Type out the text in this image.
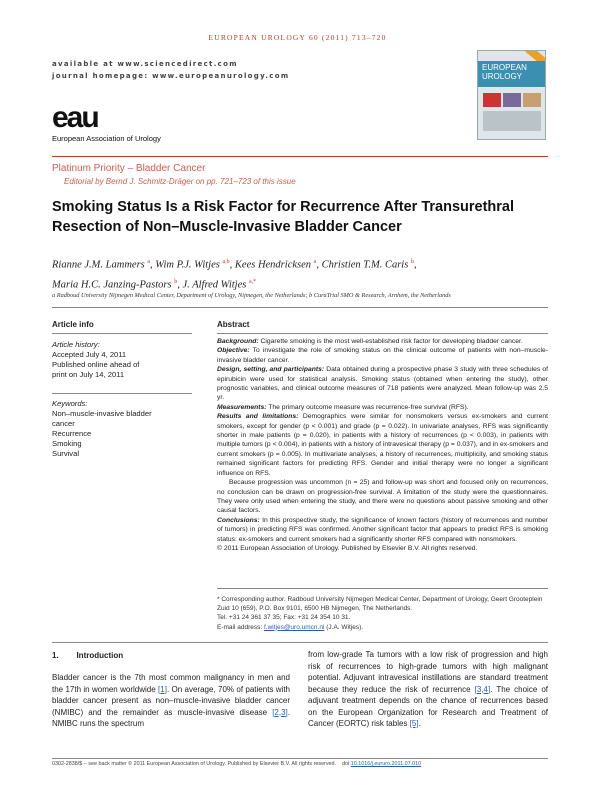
EUROPEAN UROLOGY 60 (2011) 713–720
available at www.sciencedirect.com
journal homepage: www.europeanurology.com
EUROPEAN
UROLOGY
eau
European Association of Urology
Platinum Priority – Bladder Cancer
Editorial by Bernd J. Schmitz-Dräger on pp. 721–723 of this issue
Smoking Status Is a Risk Factor for Recurrence After Transurethral Resection of Non–Muscle-Invasive Bladder Cancer
Rianne J.M. Lammers $^a$, Wim P.J. Witjes $^{a,b}$, Kees Hendricksen $^a$, Christien T.M. Caris $^b$,
Maria H.C. Janzing-Pastors $^b$, J. Alfred Witjes $^{a,*}$
a Radboud University Nijmegen Medical Center, Department of Urology, Nijmegen, the Netherlands; b CuraTrial SMO & Research, Arnhem, the Netherlands
Article info
Article history:
Accepted July 4, 2011
Published online ahead of
print on July 14, 2011
Keywords:
Non–muscle-invasive bladder
cancer
Recurrence
Smoking
Survival
Abstract

Background: Cigarette smoking is the most well-established risk factor for developing bladder cancer.

Objective: To investigate the role of smoking status on the clinical outcome of patients with non–muscle-invasive bladder cancer.

Design, setting, and participants: Data obtained during a prospective phase 3 study with three schedules of epirubicin were used for statistical analysis. Smoking status (obtained when entering the study), other prognostic variables, and clinical outcome measures of 718 patients were analyzed. Mean follow-up was 2.5 yr.

Measurements: The primary outcome measure was recurrence-free survival (RFS).

Results and limitations: Demographics were similar for nonsmokers versus ex-smokers and current smokers, except for gender (p < 0.001) and grade (p = 0.022). In univariate analyses, RFS was significantly shorter in male patients (p = 0.020), in patients with a history of recurrences (p < 0.003), in patients with multiple tumors (p < 0.004), in patients with a history of intravesical therapy (p = 0.037), and in ex-smokers and current smokers (p = 0.005). In multivariate analyses, a history of recurrences, multiplicity, and smoking status remained significant factors for predicting RFS. Gender and initial therapy were no longer a significant influence on RFS.

Because progression was uncommon (n = 25) and follow-up was short and focused only on recurrences, no conclusion can be drawn on progression-free survival. A limitation of the study were the questionnaires. They were only used when entering the study, and there were no questions about passive smoking and other causal factors.

Conclusions: In this prospective study, the significance of known factors (history of recurrences and number of tumors) in predicting RFS was confirmed. Another significant factor that appears to predict RFS is smoking status: ex-smokers and current smokers had a significantly shorter RFS compared with nonsmokers.

© 2011 European Association of Urology. Published by Elsevier B.V. All rights reserved.

* Corresponding author. Radboud University Nijmegen Medical Center, Department of Urology, Geert Grooteplein Zuid 10 (659), P.O. Box 9101, 6500 HB Nijmegen, The Netherlands.
Tel. +31 24 361 37 35; Fax: +31 24 354 10 31.
E-mail address: f.witjes@uro.umcn.nl (J.A. Witjes).
1. Introduction
Bladder cancer is the 7th most common malignancy in men and the 17th in women worldwide [1]. On average, 70% of patients with bladder cancer present as non–muscle-invasive bladder cancer (NMIBC) and the remainder as muscle-invasive disease [2,3]. NMIBC runs the spectrum
from low-grade Ta tumors with a low risk of progression and high risk of recurrences to high-grade tumors with high malignant potential. Adjuvant intravesical instillations are standard treatment because they reduce the risk of recurrence [3,4]. The choice of adjuvant treatment depends on the chance of recurrences based on the European Organization for Research and Treatment of Cancer (EORTC) risk tables [5].
0302-2838/$ – see back matter © 2011 European Association of Urology. Published by Elsevier B.V. All rights reserved. doi:10.1016/j.eururo.2011.07.010
